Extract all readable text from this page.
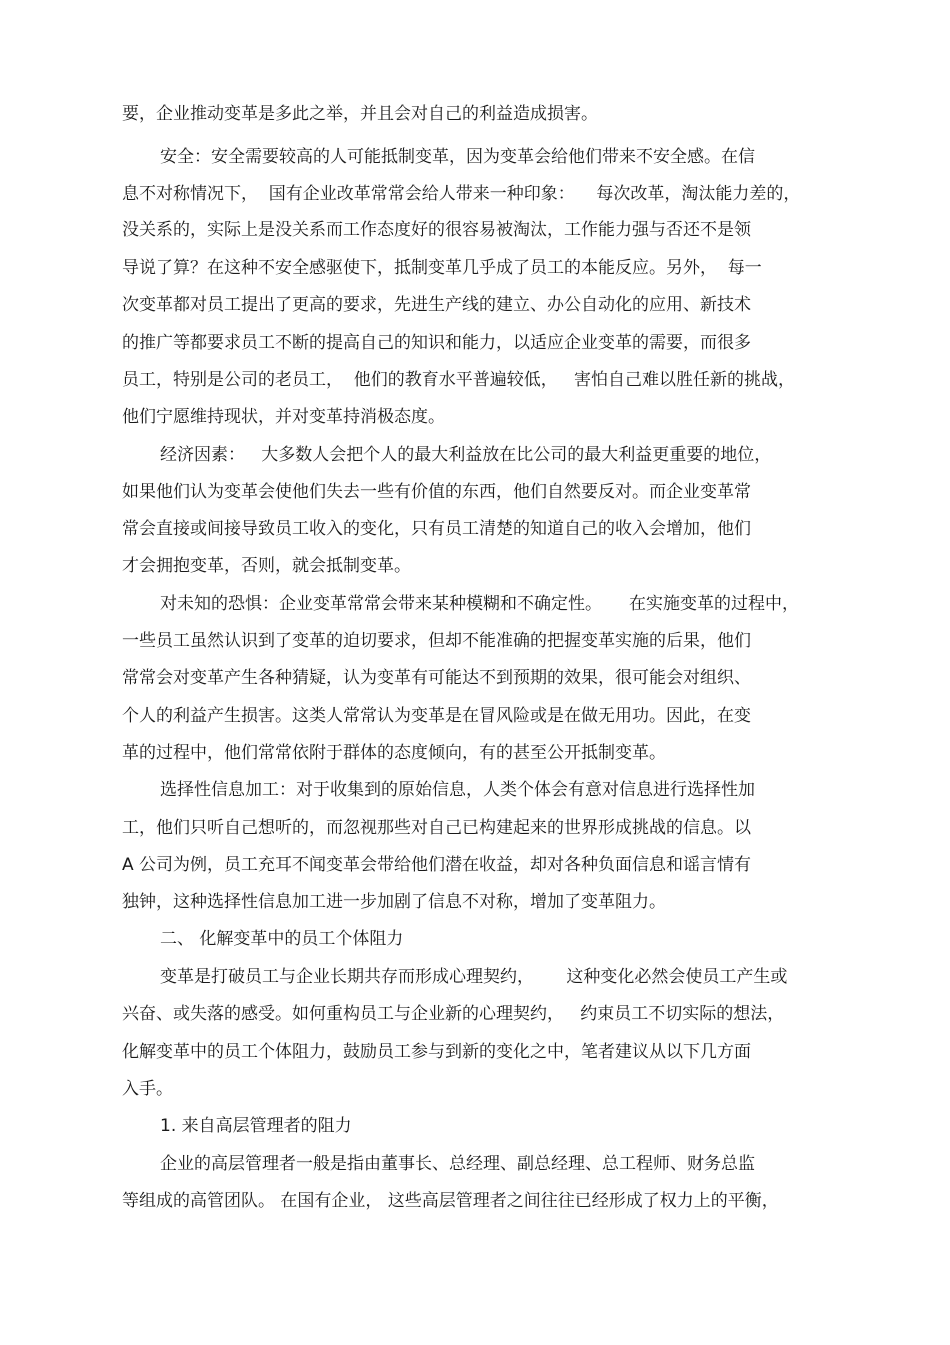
要，企业推动变革是多此之举，并且会对自己的利益造成损害。
安全：安全需要较高的人可能抵制变革，因为变革会给他们带来不安全感。在信
息不对称情况下，  国有企业改革常常会给人带来一种印象：    每次改革，淘汰能力差的，
没关系的，实际上是没关系而工作态度好的很容易被淘汰，工作能力强与否还不是领
导说了算？在这种不安全感驱使下，抵制变革几乎成了员工的本能反应。另外，  每一
次变革都对员工提出了更高的要求，先进生产线的建立、办公自动化的应用、新技术
的推广等都要求员工不断的提高自己的知识和能力，以适应企业变革的需要，而很多
员工，特别是公司的老员工，  他们的教育水平普遍较低，   害怕自己难以胜任新的挑战，
他们宁愿维持现状，并对变革持消极态度。
经济因素：   大多数人会把个人的最大利益放在比公司的最大利益更重要的地位，
如果他们认为变革会使他们失去一些有价值的东西，他们自然要反对。而企业变革常
常会直接或间接导致员工收入的变化，只有员工清楚的知道自己的收入会增加，他们
才会拥抱变革，否则，就会抵制变革。
对未知的恐惧：企业变革常常会带来某种模糊和不确定性。     在实施变革的过程中，
一些员工虽然认识到了变革的迫切要求，但却不能准确的把握变革实施的后果，他们
常常会对变革产生各种猜疑，认为变革有可能达不到预期的效果，很可能会对组织、
个人的利益产生损害。这类人常常认为变革是在冒风险或是在做无用功。因此，在变
革的过程中，他们常常依附于群体的态度倾向，有的甚至公开抵制变革。
选择性信息加工：对于收集到的原始信息，人类个体会有意对信息进行选择性加
工，他们只听自己想听的，而忽视那些对自己已构建起来的世界形成挑战的信息。以
A 公司为例，员工充耳不闻变革会带给他们潜在收益，却对各种负面信息和谣言情有
独钟，这种选择性信息加工进一步加剧了信息不对称，增加了变革阻力。
二、 化解变革中的员工个体阻力
变革是打破员工与企业长期共存而形成心理契约，      这种变化必然会使员工产生或
兴奋、或失落的感受。如何重构员工与企业新的心理契约，   约束员工不切实际的想法，
化解变革中的员工个体阻力，鼓励员工参与到新的变化之中，笔者建议从以下几方面
入手。
1. 来自高层管理者的阻力
企业的高层管理者一般是指由董事长、总经理、副总经理、总工程师、财务总监
等组成的高管团队。 在国有企业， 这些高层管理者之间往往已经形成了权力上的平衡，
